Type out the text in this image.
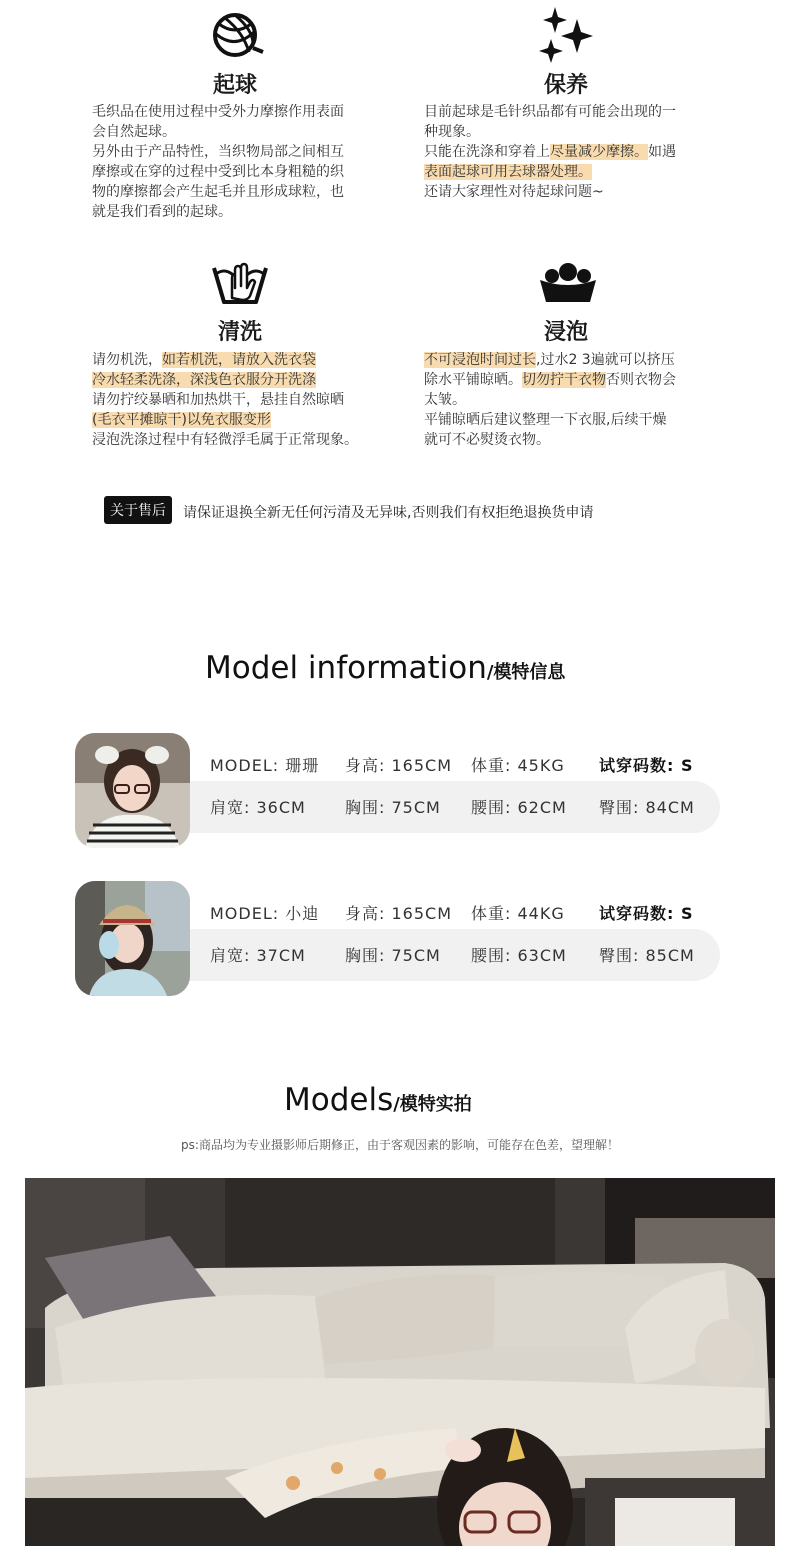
起球

毛织品在使用过程中受外力摩擦作用表面

会自然起球。

另外由于产品特性，当织物局部之间相互

摩擦或在穿的过程中受到比本身粗糙的织

物的摩擦都会产生起毛并且形成球粒，也

就是我们看到的起球。

保养

目前起球是毛针织品都有可能会出现的一

种现象。

只能在洗涤和穿着上尽量减少摩擦。如遇

表面起球可用去球器处理。

还请大家理性对待起球问题~

清洗

请勿机洗，如若机洗，请放入洗衣袋

冷水轻柔洗涤，深浅色衣服分开洗涤

请勿拧绞暴晒和加热烘干，悬挂自然晾晒

(毛衣平摊晾干)以免衣服变形

浸泡洗涤过程中有轻微浮毛属于正常现象。

浸泡

不可浸泡时间过长,过水2 3遍就可以挤压

除水平铺晾晒。切勿拧干衣物否则衣物会

太皱。

平铺晾晒后建议整理一下衣服,后续干燥

就可不必熨烫衣物。

关于售后	请保证退换全新无任何污清及无异味,否则我们有权拒绝退换货申请
Model information/模特信息
MODEL: 珊珊 身高: 165CM 体重: 45KG 试穿码数: S
肩宽: 36CM 胸围: 75CM 腰围: 62CM 臀围: 84CM
MODEL: 小迪 身高: 165CM 体重: 44KG 试穿码数: S
肩宽: 37CM 胸围: 75CM 腰围: 63CM 臀围: 85CM
Models/模特实拍
ps:商品均为专业摄影师后期修正，由于客观因素的影响，可能存在色差，望理解！
